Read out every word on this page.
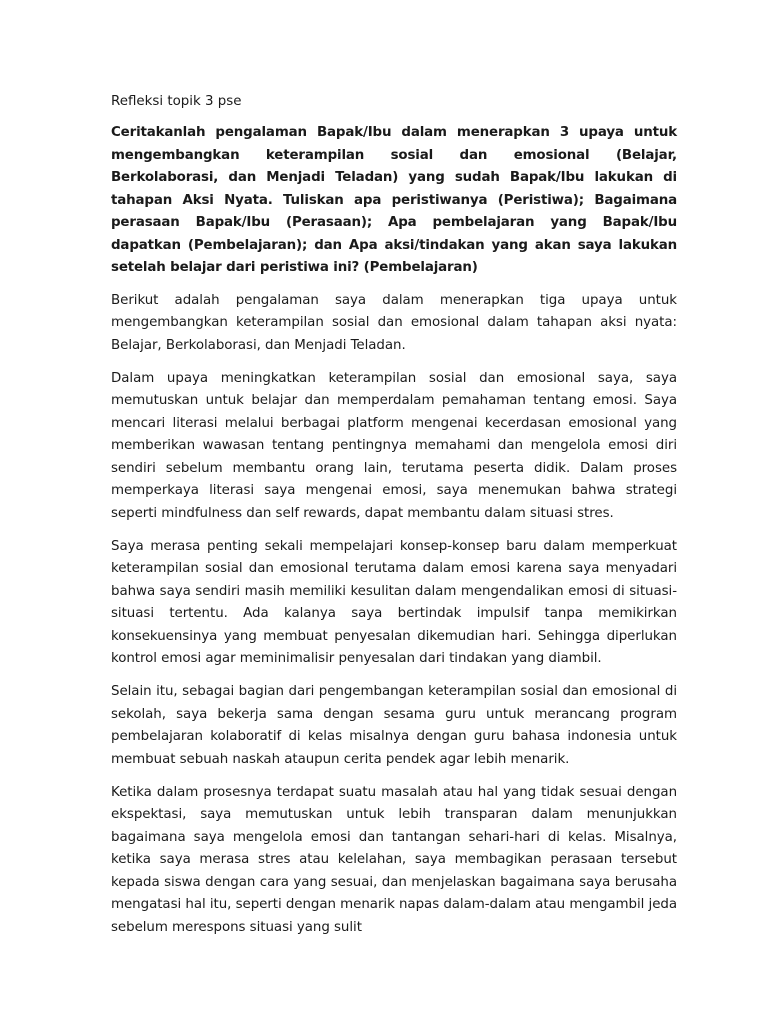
Refleksi topik 3 pse

Ceritakanlah pengalaman Bapak/Ibu dalam menerapkan 3 upaya untuk mengembangkan keterampilan sosial dan emosional (Belajar, Berkolaborasi, dan Menjadi Teladan) yang sudah Bapak/Ibu lakukan di tahapan Aksi Nyata. Tuliskan apa peristiwanya (Peristiwa); Bagaimana perasaan Bapak/Ibu (Perasaan); Apa pembelajaran yang Bapak/Ibu dapatkan (Pembelajaran); dan Apa aksi/tindakan yang akan saya lakukan setelah belajar dari peristiwa ini? (Pembelajaran)

Berikut adalah pengalaman saya dalam menerapkan tiga upaya untuk mengembangkan keterampilan sosial dan emosional dalam tahapan aksi nyata: Belajar, Berkolaborasi, dan Menjadi Teladan.

Dalam upaya meningkatkan keterampilan sosial dan emosional saya, saya memutuskan untuk belajar dan memperdalam pemahaman tentang emosi. Saya mencari literasi melalui berbagai platform mengenai kecerdasan emosional yang memberikan wawasan tentang pentingnya memahami dan mengelola emosi diri sendiri sebelum membantu orang lain, terutama peserta didik. Dalam proses memperkaya literasi saya mengenai emosi, saya menemukan bahwa strategi seperti mindfulness dan self rewards, dapat membantu dalam situasi stres.

Saya merasa penting sekali mempelajari konsep-konsep baru dalam memperkuat keterampilan sosial dan emosional terutama dalam emosi karena saya menyadari bahwa saya sendiri masih memiliki kesulitan dalam mengendalikan emosi di situasi-situasi tertentu. Ada kalanya saya bertindak impulsif tanpa memikirkan konsekuensinya yang membuat penyesalan dikemudian hari. Sehingga diperlukan kontrol emosi agar meminimalisir penyesalan dari tindakan yang diambil.

Selain itu, sebagai bagian dari pengembangan keterampilan sosial dan emosional di sekolah, saya bekerja sama dengan sesama guru untuk merancang program pembelajaran kolaboratif di kelas misalnya dengan guru bahasa indonesia untuk membuat sebuah naskah ataupun cerita pendek agar lebih menarik.

Ketika dalam prosesnya terdapat suatu masalah atau hal yang tidak sesuai dengan ekspektasi, saya memutuskan untuk lebih transparan dalam menunjukkan bagaimana saya mengelola emosi dan tantangan sehari-hari di kelas. Misalnya, ketika saya merasa stres atau kelelahan, saya membagikan perasaan tersebut kepada siswa dengan cara yang sesuai, dan menjelaskan bagaimana saya berusaha mengatasi hal itu, seperti dengan menarik napas dalam-dalam atau mengambil jeda sebelum merespons situasi yang sulit
